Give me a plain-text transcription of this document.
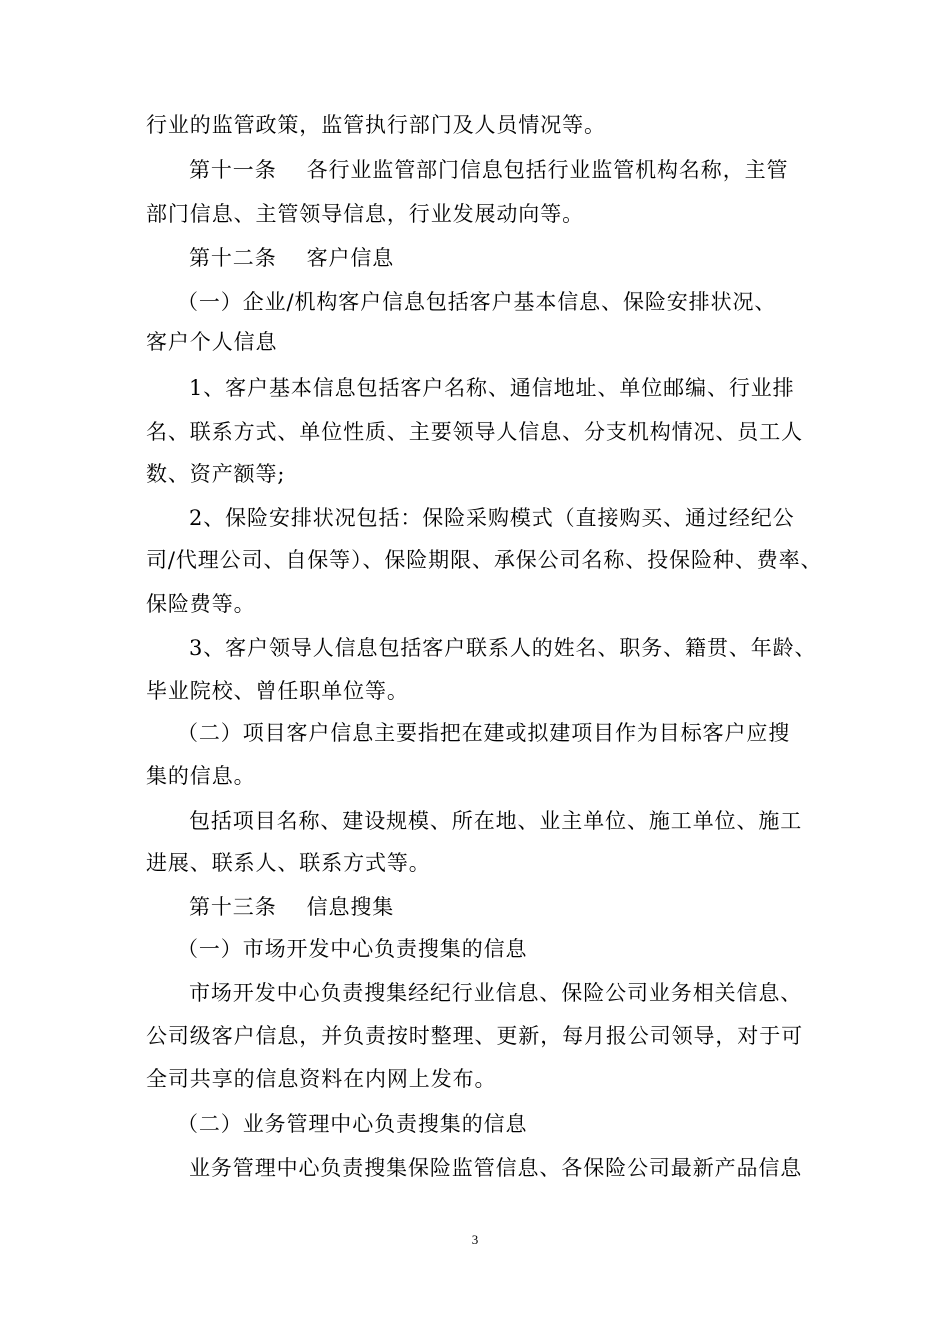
行业的监管政策，监管执行部门及人员情况等。
第十一条 各行业监管部门信息包括行业监管机构名称，主管
部门信息、主管领导信息，行业发展动向等。
第十二条 客户信息
（一）企业/机构客户信息包括客户基本信息、保险安排状况、
客户个人信息
1、客户基本信息包括客户名称、通信地址、单位邮编、行业排
名、联系方式、单位性质、主要领导人信息、分支机构情况、员工人
数、资产额等;
2、保险安排状况包括：保险采购模式（直接购买、通过经纪公
司/代理公司、自保等）、保险期限、承保公司名称、投保险种、费率、
保险费等。
3、客户领导人信息包括客户联系人的姓名、职务、籍贯、年龄、
毕业院校、曾任职单位等。
（二）项目客户信息主要指把在建或拟建项目作为目标客户应搜
集的信息。
包括项目名称、建设规模、所在地、业主单位、施工单位、施工
进展、联系人、联系方式等。
第十三条 信息搜集
（一）市场开发中心负责搜集的信息
市场开发中心负责搜集经纪行业信息、保险公司业务相关信息、
公司级客户信息，并负责按时整理、更新，每月报公司领导，对于可
全司共享的信息资料在内网上发布。
（二）业务管理中心负责搜集的信息
业务管理中心负责搜集保险监管信息、各保险公司最新产品信息
3
